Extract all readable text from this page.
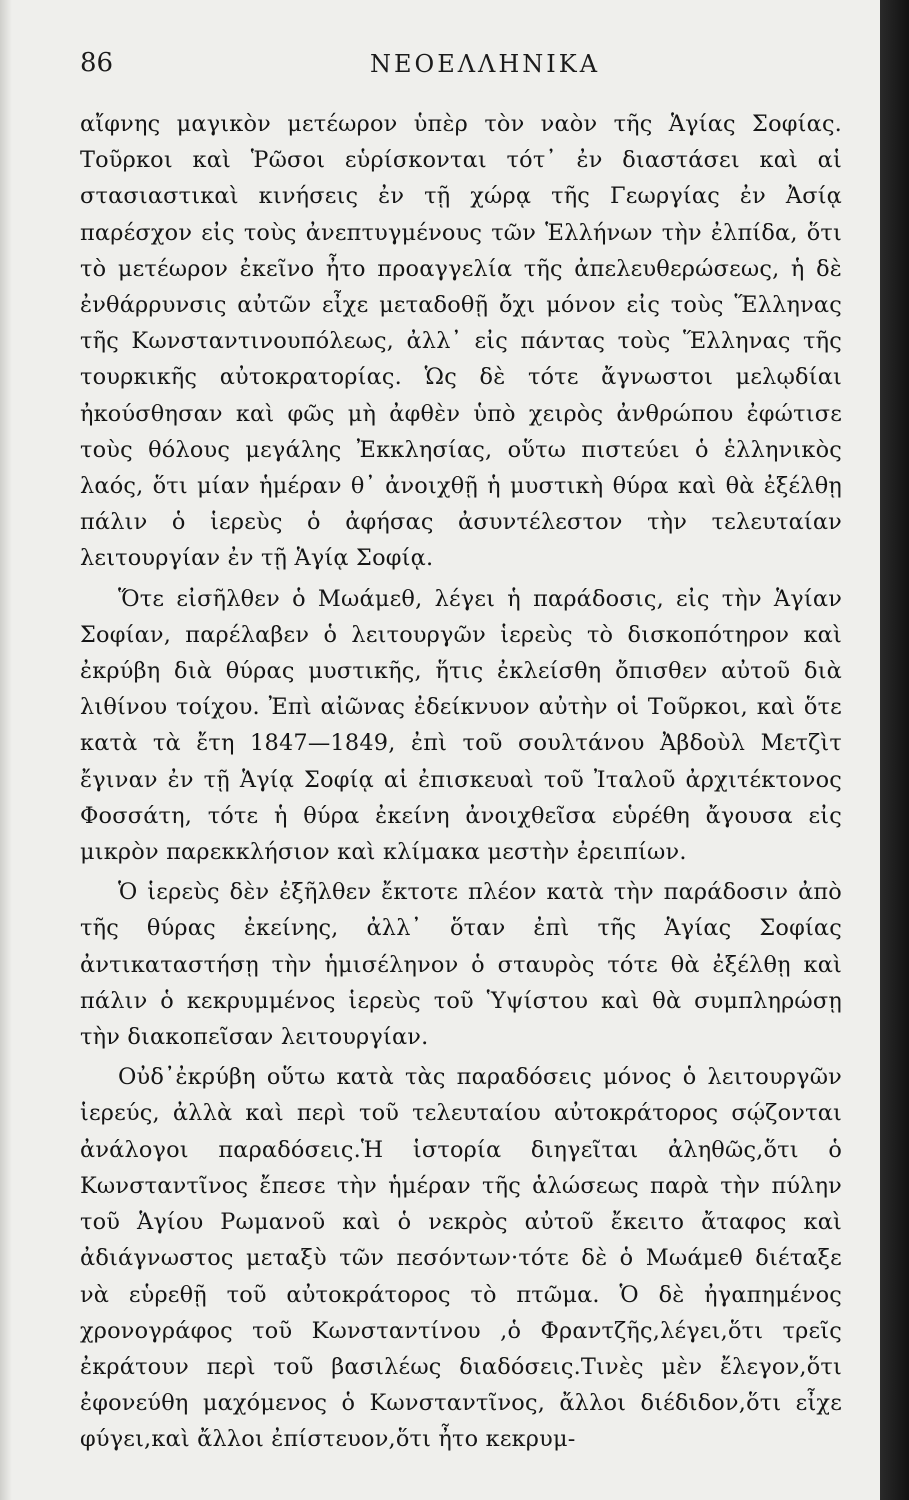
86	ΝΕΟΕΛΛΗΝΙΚΑ

αἴφνης μαγικὸν μετέωρον ὑπὲρ τὸν ναὸν τῆς Ἁγίας Σοφίας. Τοῦρκοι καὶ Ῥῶσοι εὑρίσκονται τότ᾽ ἐν διαστάσει καὶ αἱ στασιαστικαὶ κινήσεις ἐν τῇ χώρᾳ τῆς Γεωργίας ἐν Ἀσίᾳ παρέσχον εἰς τοὺς ἀνεπτυγμένους τῶν Ἑλλήνων τὴν ἐλπίδα, ὅτι τὸ μετέωρον ἐκεῖνο ἦτο προαγγελία τῆς ἀπελευθερώσεως, ἡ δὲ ἐνθάρρυνσις αὐτῶν εἶχε μεταδοθῇ ὄχι μόνον εἰς τοὺς Ἕλληνας τῆς Κωνσταντινουπόλεως, ἀλλ᾽ εἰς πάντας τοὺς Ἕλληνας τῆς τουρκικῆς αὐτοκρατορίας. Ὡς δὲ τότε ἄγνωστοι μελῳδίαι ἠκούσθησαν καὶ φῶς μὴ ἀφθὲν ὑπὸ χειρὸς ἀνθρώπου ἐφώτισε τοὺς θόλους μεγάλης Ἐκκλησίας, οὕτω πιστεύει ὁ ἑλληνικὸς λαός, ὅτι μίαν ἡμέραν θ᾽ ἀνοιχθῇ ἡ μυστικὴ θύρα καὶ θὰ ἐξέλθῃ πάλιν ὁ ἱερεὺς ὁ ἀφήσας ἀσυντέλεστον τὴν τελευταίαν λειτουργίαν ἐν τῇ Ἁγίᾳ Σοφίᾳ.

Ὅτε εἰσῆλθεν ὁ Μωάμεθ, λέγει ἡ παράδοσις, εἰς τὴν Ἁγίαν Σοφίαν, παρέλαβεν ὁ λειτουργῶν ἱερεὺς τὸ δισκοπότηρον καὶ ἐκρύβη διὰ θύρας μυστικῆς, ἥτις ἐκλείσθη ὄπισθεν αὐτοῦ διὰ λιθίνου τοίχου. Ἐπὶ αἰῶνας ἐδείκνυον αὐτὴν οἱ Τοῦρκοι, καὶ ὅτε κατὰ τὰ ἔτη 1847—1849, ἐπὶ τοῦ σουλτάνου Ἀβδοὺλ Μετζὶτ ἔγιναν ἐν τῇ Ἁγίᾳ Σοφίᾳ αἱ ἐπισκευαὶ τοῦ Ἰταλοῦ ἀρχιτέκτονος Φοσσάτη, τότε ἡ θύρα ἐκείνη ἀνοιχθεῖσα εὑρέθη ἄγουσα εἰς μικρὸν παρεκκλήσιον καὶ κλίμακα μεστὴν ἐρειπίων.

Ὁ ἱερεὺς δὲν ἐξῆλθεν ἔκτοτε πλέον κατὰ τὴν παράδοσιν ἀπὸ τῆς θύρας ἐκείνης, ἀλλ᾽ ὅταν ἐπὶ τῆς Ἁγίας Σοφίας ἀντικαταστήσῃ τὴν ἡμισέληνον ὁ σταυρὸς τότε θὰ ἐξέλθῃ καὶ πάλιν ὁ κεκρυμμένος ἱερεὺς τοῦ Ὑψίστου καὶ θὰ συμπληρώσῃ τὴν διακοπεῖσαν λειτουργίαν.

Οὐδ᾽ἐκρύβη οὕτω κατὰ τὰς παραδόσεις μόνος ὁ λειτουργῶν ἱερεύς, ἀλλὰ καὶ περὶ τοῦ τελευταίου αὐτοκράτορος σῴζονται ἀνάλογοι παραδόσεις.Ἡ ἱστορία διηγεῖται ἀληθῶς,ὅτι ὁ Κωνσταντῖνος ἔπεσε τὴν ἡμέραν τῆς ἁλώσεως παρὰ τὴν πύλην τοῦ Ἁγίου Ρωμανοῦ καὶ ὁ νεκρὸς αὐτοῦ ἔκειτο ἄταφος καὶ ἀδιάγνωστος μεταξὺ τῶν πεσόντων·τότε δὲ ὁ Μωάμεθ διέταξε νὰ εὑρεθῇ τοῦ αὐτοκράτορος τὸ πτῶμα. Ὁ δὲ ἠγαπημένος χρονογράφος τοῦ Κωνσταντίνου ,ὁ Φραντζῆς,λέγει,ὅτι τρεῖς ἐκράτουν περὶ τοῦ βασιλέως διαδόσεις.Τινὲς μὲν ἔλεγον,ὅτι ἐφονεύθη μαχόμενος ὁ Κωνσταντῖνος, ἄλλοι διέδιδον,ὅτι εἶχε φύγει,καὶ ἄλλοι ἐπίστευον,ὅτι ἦτο κεκρυμ-
